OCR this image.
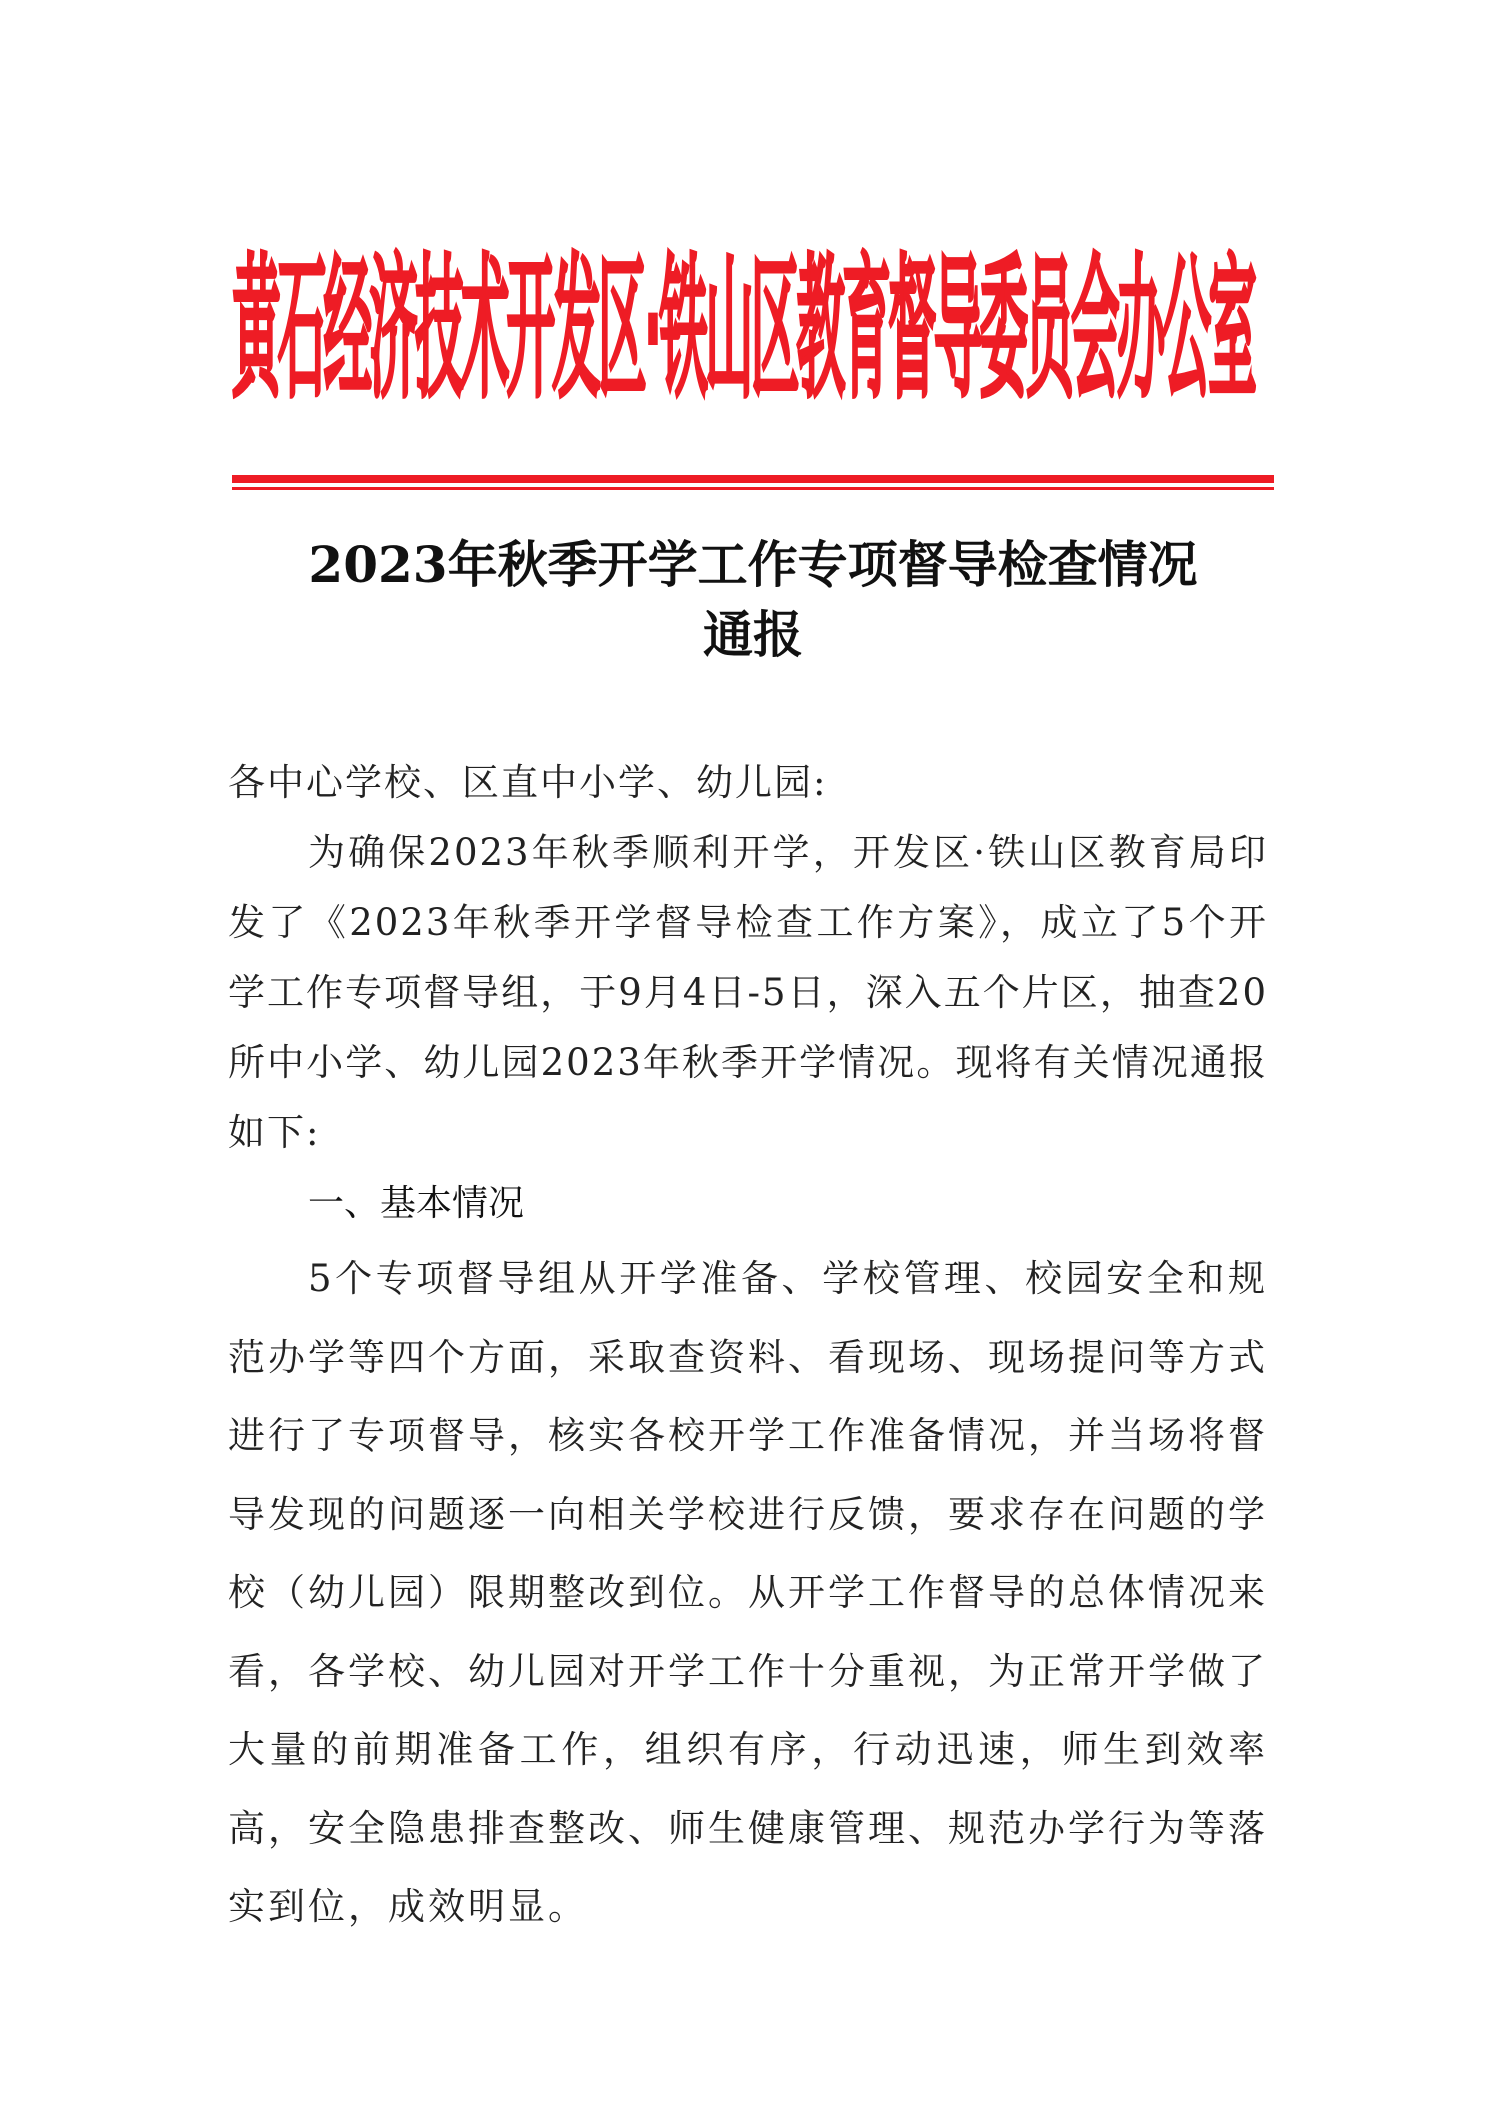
黄石经济技术开发区·铁山区教育督导委员会办公室
2023年秋季开学工作专项督导检查情况
通报

各中心学校、区直中小学、幼儿园:

为确保2023年秋季顺利开学，开发区·铁山区教育局印发了《2023年秋季开学督导检查工作方案》，成立了5个开学工作专项督导组，于9月4日-5日，深入五个片区，抽查20所中小学、幼儿园2023年秋季开学情况。现将有关情况通报如下:

一、基本情况

5个专项督导组从开学准备、学校管理、校园安全和规范办学等四个方面，采取查资料、看现场、现场提问等方式进行了专项督导，核实各校开学工作准备情况，并当场将督导发现的问题逐一向相关学校进行反馈，要求存在问题的学校（幼儿园）限期整改到位。从开学工作督导的总体情况来看，各学校、幼儿园对开学工作十分重视，为正常开学做了大量的前期准备工作，组织有序，行动迅速，师生到效率高，安全隐患排查整改、师生健康管理、规范办学行为等落实到位，成效明显。
